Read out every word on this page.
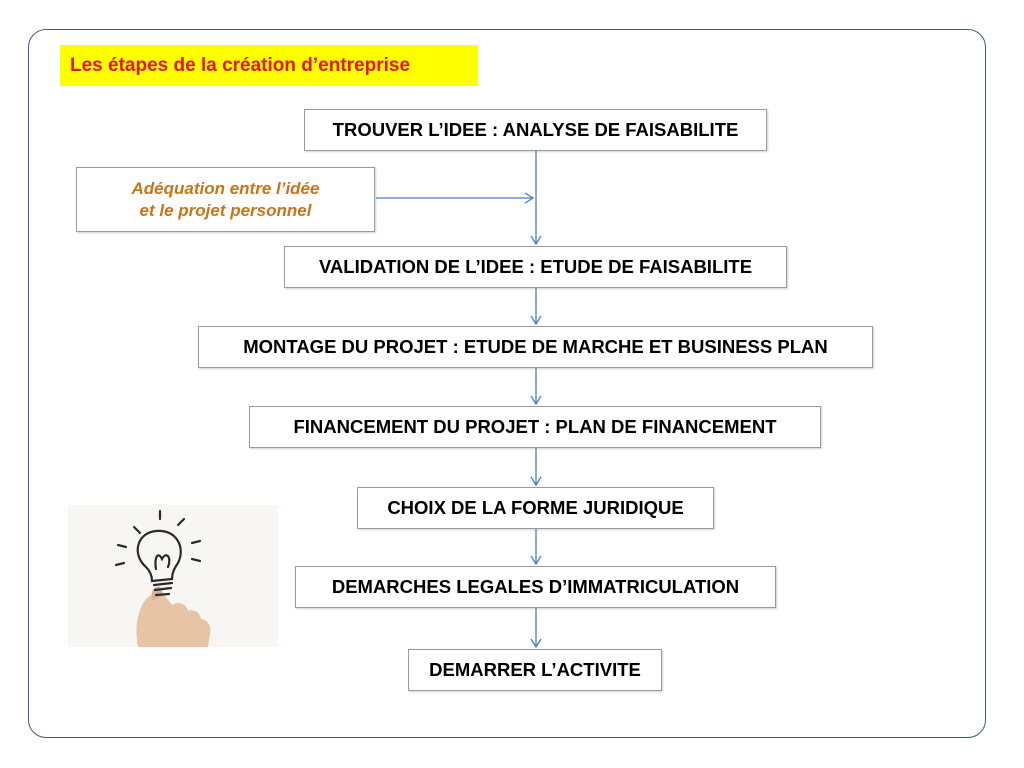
Les étapes de la création d’entreprise
Adéquation entre l’idée
et le projet personnel
TROUVER L’IDEE : ANALYSE DE FAISABILITE
VALIDATION DE L’IDEE : ETUDE DE FAISABILITE
MONTAGE DU PROJET : ETUDE DE MARCHE ET BUSINESS PLAN
FINANCEMENT DU PROJET : PLAN DE FINANCEMENT
CHOIX DE LA FORME JURIDIQUE
DEMARCHES LEGALES D’IMMATRICULATION
DEMARRER L’ACTIVITE
